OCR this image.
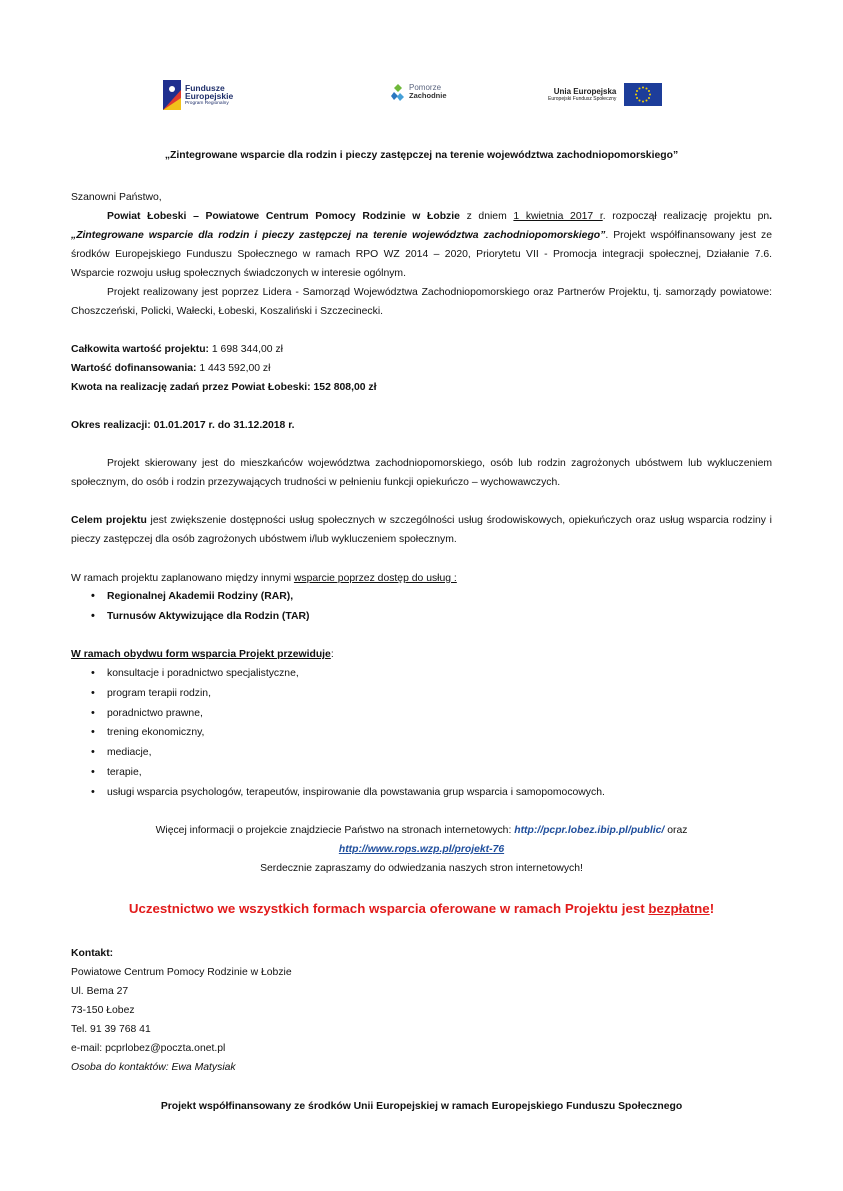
Fundusze
Europejskie
Program Regionalny
Pomorze
Zachodnie	Unia Europejska
Europejski Fundusz Społeczny
„Zintegrowane wsparcie dla rodzin i pieczy zastępczej na terenie województwa zachodniopomorskiego”
Szanowni Państwo,
Powiat Łobeski – Powiatowe Centrum Pomocy Rodzinie w Łobzie z dniem 1 kwietnia 2017 r. rozpoczął realizację projektu pn. „Zintegrowane wsparcie dla rodzin i pieczy zastępczej na terenie województwa zachodniopomorskiego”. Projekt współfinansowany jest ze środków Europejskiego Funduszu Społecznego w ramach RPO WZ 2014 – 2020, Priorytetu VII - Promocja integracji społecznej, Działanie 7.6. Wsparcie rozwoju usług społecznych świadczonych w interesie ogólnym.
Projekt realizowany jest poprzez Lidera - Samorząd Województwa Zachodniopomorskiego oraz Partnerów Projektu, tj. samorządy powiatowe: Choszczeński, Policki, Wałecki, Łobeski, Koszaliński i Szczecinecki.
Całkowita wartość projektu: 1 698 344,00 zł
Wartość dofinansowania: 1 443 592,00 zł
Kwota na realizację zadań przez Powiat Łobeski: 152 808,00 zł
Okres realizacji: 01.01.2017 r. do 31.12.2018 r.
Projekt skierowany jest do mieszkańców województwa zachodniopomorskiego, osób lub rodzin zagrożonych ubóstwem lub wykluczeniem społecznym, do osób i rodzin przezywających trudności w pełnieniu funkcji opiekuńczo – wychowawczych.
Celem projektu jest zwiększenie dostępności usług społecznych w szczególności usług środowiskowych, opiekuńczych oraz usług wsparcia rodziny i pieczy zastępczej dla osób zagrożonych ubóstwem i/lub wykluczeniem społecznym.
W ramach projektu zaplanowano między innymi wsparcie poprzez dostęp do usług :
• Regionalnej Akademii Rodziny (RAR),
• Turnusów Aktywizujące dla Rodzin (TAR)
W ramach obydwu form wsparcia Projekt przewiduje:
• konsultacje i poradnictwo specjalistyczne,
• program terapii rodzin,
• poradnictwo prawne,
• trening ekonomiczny,
• mediacje,
• terapie,
• usługi wsparcia psychologów, terapeutów, inspirowanie dla powstawania grup wsparcia i samopomocowych.
Więcej informacji o projekcie znajdziecie Państwo na stronach internetowych: http://pcpr.lobez.ibip.pl/public/ oraz
http://www.rops.wzp.pl/projekt-76
Serdecznie zapraszamy do odwiedzania naszych stron internetowych!
Uczestnictwo we wszystkich formach wsparcia oferowane w ramach Projektu jest bezpłatne!
Kontakt:
Powiatowe Centrum Pomocy Rodzinie w Łobzie
Ul. Bema 27
73-150 Łobez
Tel. 91 39 768 41
e-mail: pcprlobez@poczta.onet.pl
Osoba do kontaktów: Ewa Matysiak
Projekt współfinansowany ze środków Unii Europejskiej w ramach Europejskiego Funduszu Społecznego
